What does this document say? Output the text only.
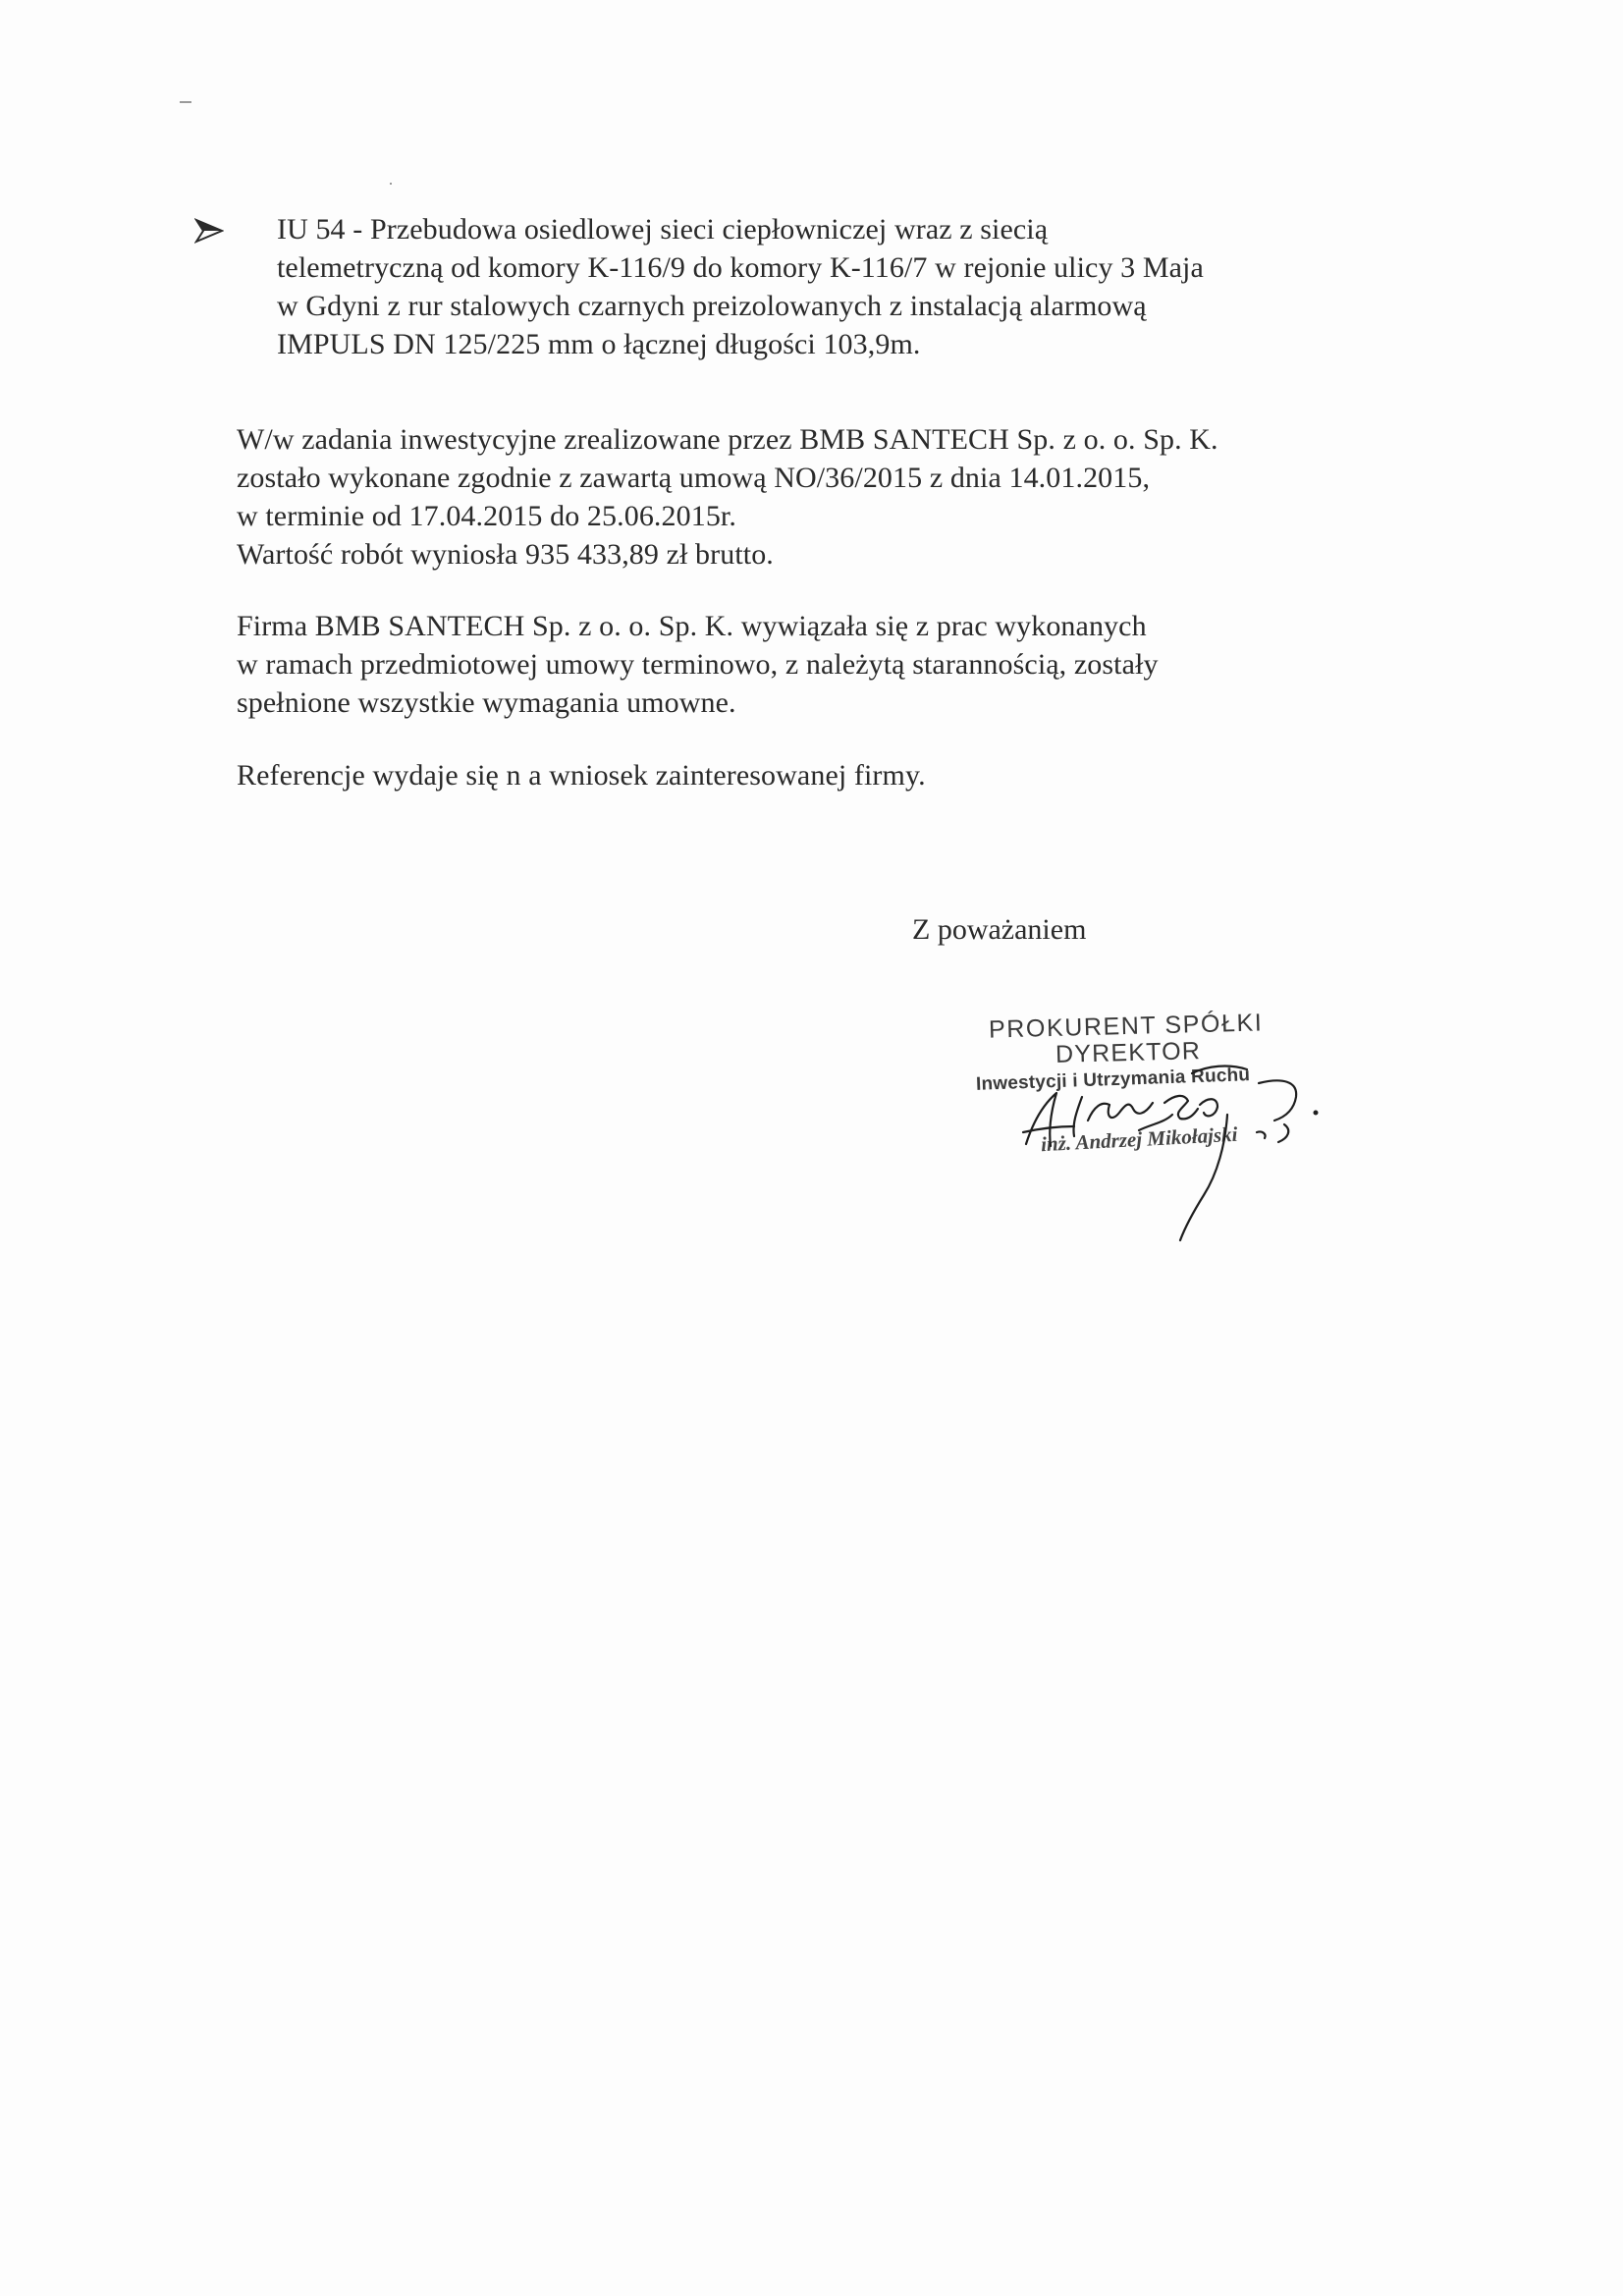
IU 54 - Przebudowa osiedlowej sieci ciepłowniczej wraz z siecią
telemetryczną od komory K-116/9 do komory K-116/7 w rejonie ulicy 3 Maja
w Gdyni z rur stalowych czarnych preizolowanych z instalacją alarmową
IMPULS DN 125/225 mm o łącznej długości 103,9m.
W/w zadania inwestycyjne zrealizowane przez BMB SANTECH Sp. z o. o. Sp. K.
zostało wykonane zgodnie z zawartą umową NO/36/2015 z dnia 14.01.2015,
w terminie od 17.04.2015 do 25.06.2015r.
Wartość robót wyniosła 935 433,89 zł brutto.
Firma BMB SANTECH Sp. z o. o. Sp. K. wywiązała się z prac wykonanych
w ramach przedmiotowej umowy terminowo, z należytą starannością, zostały
spełnione wszystkie wymagania umowne.
Referencje wydaje się n a wniosek zainteresowanej firmy.
Z poważaniem
PROKURENT SPÓŁKI
DYREKTOR
Inwestycji i Utrzymania Ruchu
inż. Andrzej Mikołajski
